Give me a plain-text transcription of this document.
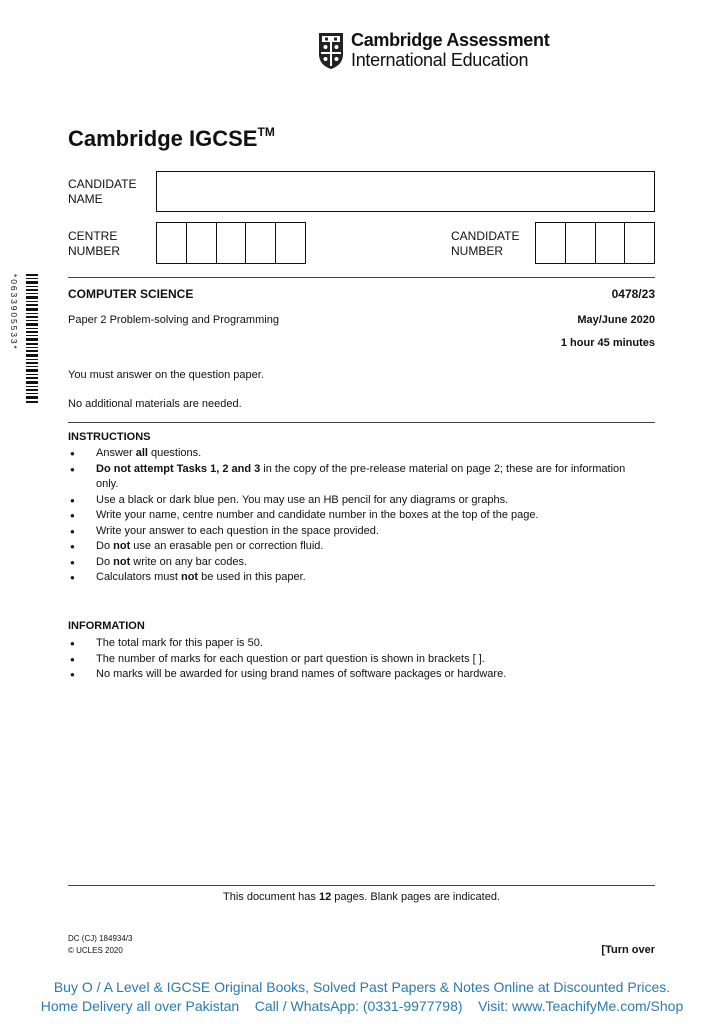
Cambridge Assessment
International Education
Cambridge IGCSE™
CANDIDATE
NAME
CENTRE
NUMBER
CANDIDATE
NUMBER
*0633905533*	COMPUTER SCIENCE	0478/23
Paper 2 Problem-solving and Programming	May/June 2020
1 hour 45 minutes
You must answer on the question paper.
No additional materials are needed.
INSTRUCTIONS
● Answer all questions.
● Do not attempt Tasks 1, 2 and 3 in the copy of the pre-release material on page 2; these are for information only.
● Use a black or dark blue pen. You may use an HB pencil for any diagrams or graphs.
● Write your name, centre number and candidate number in the boxes at the top of the page.
● Write your answer to each question in the space provided.
● Do not use an erasable pen or correction fluid.
● Do not write on any bar codes.
● Calculators must not be used in this paper.
INFORMATION
● The total mark for this paper is 50.
● The number of marks for each question or part question is shown in brackets [ ].
● No marks will be awarded for using brand names of software packages or hardware.
This document has 12 pages. Blank pages are indicated.
DC (CJ) 184934/3
© UCLES 2020	[Turn over
Buy O / A Level & IGCSE Original Books, Solved Past Papers & Notes Online at Discounted Prices.
Home Delivery all over Pakistan    Call / WhatsApp: (0331-9977798)    Visit: www.TeachifyMe.com/Shop
